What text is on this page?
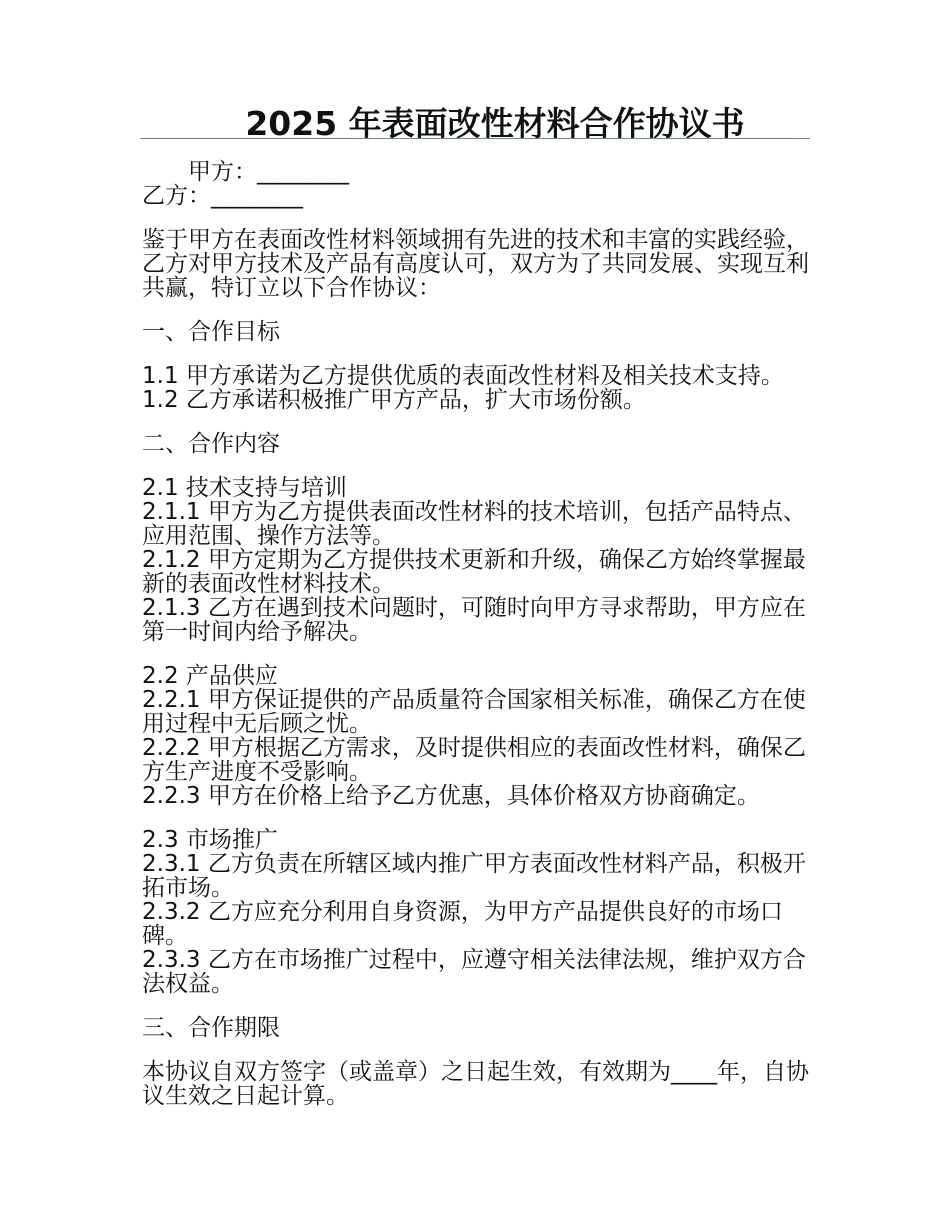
2025 年表面改性材料合作协议书
甲方：________
乙方：________
鉴于甲方在表面改性材料领域拥有先进的技术和丰富的实践经验，乙方对甲方技术及产品有高度认可，双方为了共同发展、实现互利共赢，特订立以下合作协议：
一、合作目标
1.1 甲方承诺为乙方提供优质的表面改性材料及相关技术支持。
1.2 乙方承诺积极推广甲方产品，扩大市场份额。
二、合作内容
2.1 技术支持与培训
2.1.1 甲方为乙方提供表面改性材料的技术培训，包括产品特点、应用范围、操作方法等。
2.1.2 甲方定期为乙方提供技术更新和升级，确保乙方始终掌握最新的表面改性材料技术。
2.1.3 乙方在遇到技术问题时，可随时向甲方寻求帮助，甲方应在第一时间内给予解决。
2.2 产品供应
2.2.1 甲方保证提供的产品质量符合国家相关标准，确保乙方在使用过程中无后顾之忧。
2.2.2 甲方根据乙方需求，及时提供相应的表面改性材料，确保乙方生产进度不受影响。
2.2.3 甲方在价格上给予乙方优惠，具体价格双方协商确定。
2.3 市场推广
2.3.1 乙方负责在所辖区域内推广甲方表面改性材料产品，积极开拓市场。
2.3.2 乙方应充分利用自身资源，为甲方产品提供良好的市场口碑。
2.3.3 乙方在市场推广过程中，应遵守相关法律法规，维护双方合法权益。
三、合作期限
本协议自双方签字（或盖章）之日起生效，有效期为____年，自协议生效之日起计算。
